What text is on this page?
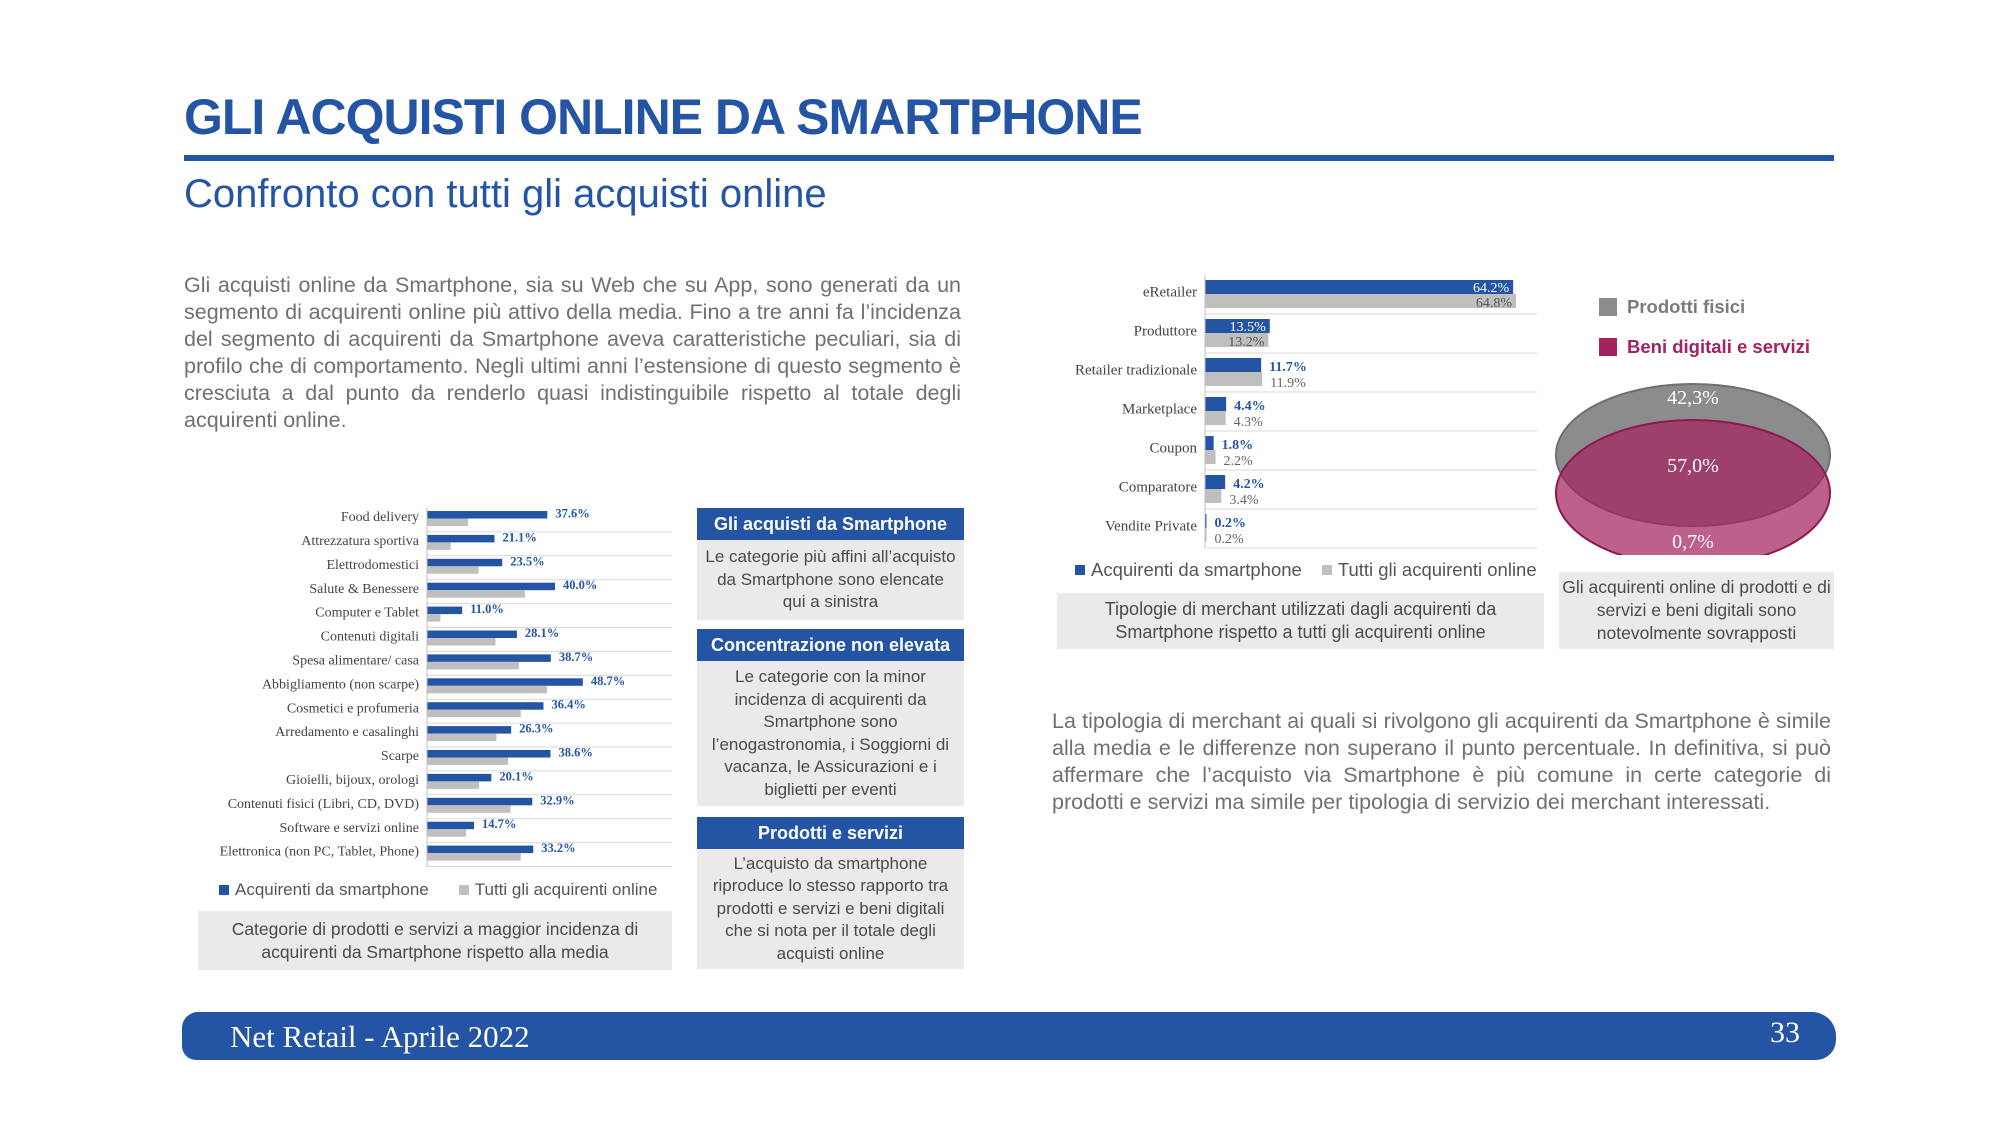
GLI ACQUISTI ONLINE DA SMARTPHONE
Confronto con tutti gli acquisti online
Gli acquisti online da Smartphone, sia su Web che su App, sono generati da un segmento di acquirenti online più attivo della media. Fino a tre anni fa l’incidenza del segmento di acquirenti da Smartphone aveva caratteristiche peculiari, sia di profilo che di comportamento. Negli ultimi anni l’estensione di questo segmento è cresciuta a dal punto da renderlo quasi indistinguibile rispetto al totale degli acquirenti online.
Food delivery	37.6%
Attrezzatura sportiva	21.1%
Elettrodomestici	23.5%
Salute & Benessere	40.0%
Computer e Tablet	11.0%
Contenuti digitali	28.1%
Spesa alimentare/ casa	38.7%
Abbigliamento (non scarpe)	48.7%
Cosmetici e profumeria	36.4%
Arredamento e casalinghi	26.3%
Scarpe	38.6%
Gioielli, bijoux, orologi	20.1%
Contenuti fisici (Libri, CD, DVD)	32.9%
Software e servizi online	14.7%
Elettronica (non PC, Tablet, Phone)	33.2%
Acquirenti da smartphone	Tutti gli acquirenti online
Categorie di prodotti e servizi a maggior incidenza di acquirenti da Smartphone rispetto alla media
Gli acquisti da Smartphone
Le categorie più affini all’acquisto da Smartphone sono elencate qui a sinistra
Concentrazione non elevata
Le categorie con la minor incidenza di acquirenti da Smartphone sono l’enogastronomia, i Soggiorni di vacanza, le Assicurazioni e i biglietti per eventi
Prodotti e servizi
L’acquisto da smartphone riproduce lo stesso rapporto tra prodotti e servizi e beni digitali che si nota per il totale degli acquisti online
eRetailer	64.2%
64.8%
Produttore 13.5%
13.2%
Retailer tradizionale	11.7%
11.9%
Marketplace	4.4%
4.3%
Coupon 1.8%
2.2%
Comparatore	4.2%
3.4%
Vendite Private 0.2%
0.2%
Acquirenti da smartphone Tutti gli acquirenti online
Tipologie di merchant utilizzati dagli acquirenti da Smartphone rispetto a tutti gli acquirenti online
Prodotti fisici
Beni digitali e servizi
42,3%
57,0%
0,7%
Gli acquirenti online di prodotti e di servizi e beni digitali sono notevolmente sovrapposti
La tipologia di merchant ai quali si rivolgono gli acquirenti da Smartphone è simile alla media e le differenze non superano il punto percentuale. In definitiva, si può affermare che l’acquisto via Smartphone è più comune in certe categorie di prodotti e servizi ma simile per tipologia di servizio dei merchant interessati.
Net Retail - Aprile 2022	33
